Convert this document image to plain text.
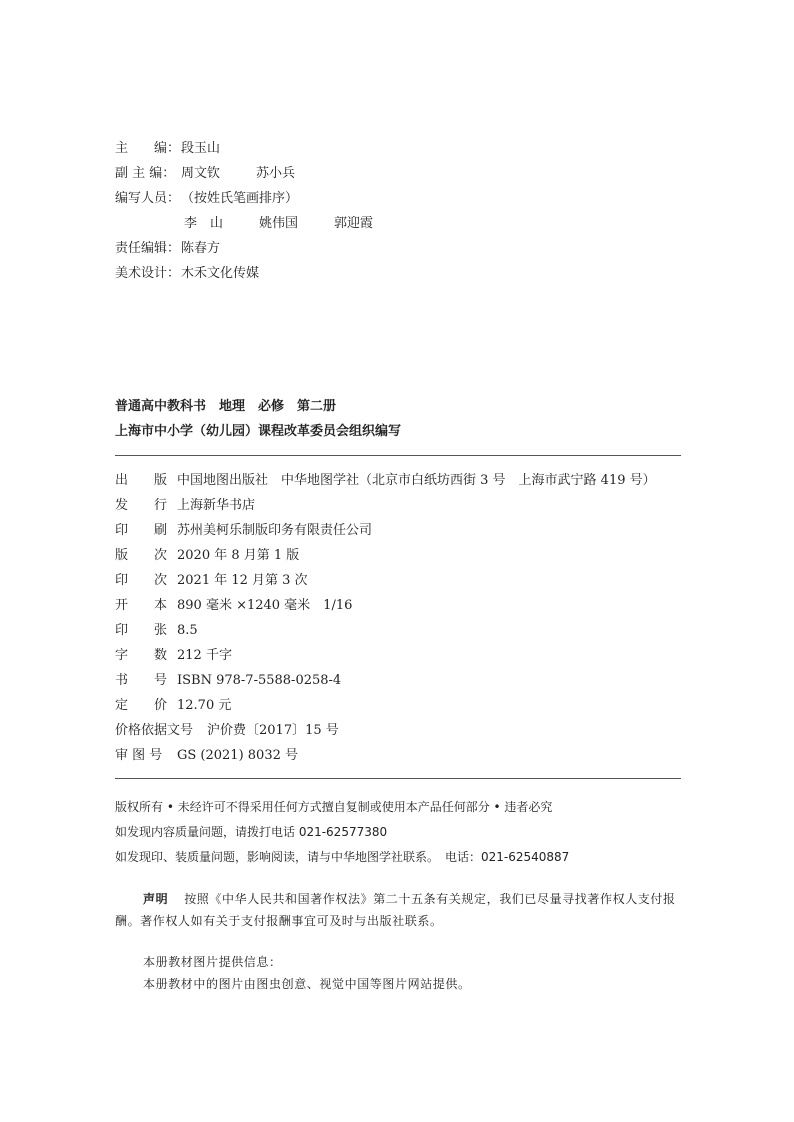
主　　编：段玉山
副 主 编： 周文钦	苏小兵
编写人员：（按姓氏笔画排序）
李　山	姚伟国	郭迎霞
责任编辑：陈春方
美术设计：木禾文化传媒
普通高中教科书　地理　必修　第二册
上海市中小学（幼儿园）课程改革委员会组织编写
出　　版 中国地图出版社　中华地图学社（北京市白纸坊西街 3 号　上海市武宁路 419 号）
发　　行 上海新华书店
印　　刷 苏州美柯乐制版印务有限责任公司
版　　次 2020 年 8 月第 1 版
印　　次 2021 年 12 月第 3 次
开　　本 890 毫米 ×1240 毫米　1/16
印　　张 8.5
字　　数 212 千字
书　　号 ISBN 978-7-5588-0258-4
定　　价 12.70 元
价格依据文号 沪价费〔2017〕15 号
审 图 号 GS (2021) 8032 号
版权所有 • 未经许可不得采用任何方式擅自复制或使用本产品任何部分 • 违者必究
如发现内容质量问题，请拨打电话 021-62577380
如发现印、装质量问题，影响阅读，请与中华地图学社联系。　电话：021-62540887
声明 按照《中华人民共和国著作权法》第二十五条有关规定，我们已尽量寻找著作权人支付报酬。著作权人如有关于支付报酬事宜可及时与出版社联系。
本册教材图片提供信息：
本册教材中的图片由图虫创意、视觉中国等图片网站提供。
